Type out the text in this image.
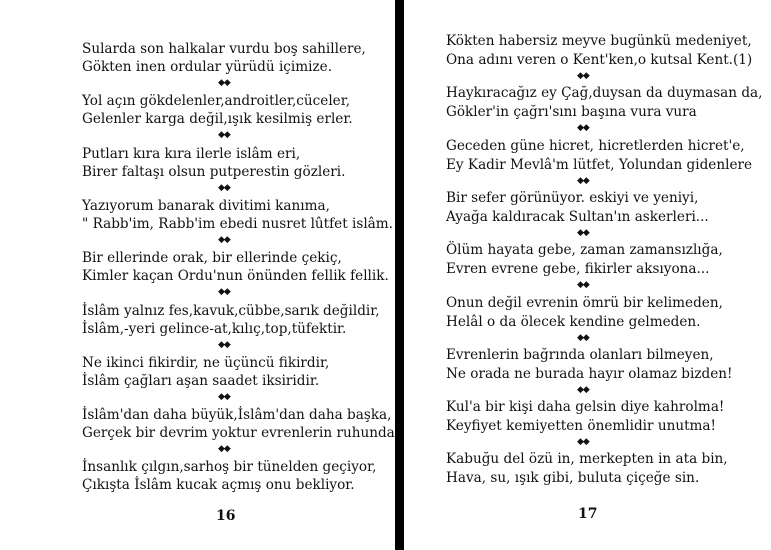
Sularda son halkalar vurdu boş sahillere,
Gökten inen ordular yürüdü içimize.
◆◆
Yol açın gökdelenler,androitler,cüceler,
Gelenler karga değil,ışık kesilmiş erler.
◆◆
Putları kıra kıra ilerle islâm eri,
Birer faltaşı olsun putperestin gözleri.
◆◆
Yazıyorum banarak divitimi kanıma,
" Rabb'im, Rabb'im ebedi nusret lûtfet islâm.
◆◆
Bir ellerinde orak, bir ellerinde çekiç,
Kimler kaçan Ordu'nun önünden fellik fellik.
◆◆
İslâm yalnız fes,kavuk,cübbe,sarık değildir,
İslâm,-yeri gelince-at,kılıç,top,tüfektir.
◆◆
Ne ikinci fikirdir, ne üçüncü fikirdir,
İslâm çağları aşan saadet iksiridir.
◆◆
İslâm'dan daha büyük,İslâm'dan daha başka,
Gerçek bir devrim yoktur evrenlerin ruhunda
◆◆
İnsanlık çılgın,sarhoş bir tünelden geçiyor,
Çıkışta İslâm kucak açmış onu bekliyor.
16
Kökten habersiz meyve bugünkü medeniyet,
Ona adını veren o Kent'ken,o kutsal Kent.(1)
◆◆
Haykıracağız ey Çağ,duysan da duymasan da,
Gökler'in çağrı'sını başına vura vura
◆◆
Geceden güne hicret, hicretlerden hicret'e,
Ey Kadir Mevlâ'm lütfet, Yolundan gidenlere
◆◆
Bir sefer görünüyor. eskiyi ve yeniyi,
Ayağa kaldıracak Sultan'ın askerleri...
◆◆
Ölüm hayata gebe, zaman zamansızlığa,
Evren evrene gebe, fikirler aksıyona...
◆◆
Onun değil evrenin ömrü bir kelimeden,
Helâl o da ölecek kendine gelmeden.
◆◆
Evrenlerin bağrında olanları bilmeyen,
Ne orada ne burada hayır olamaz bizden!
◆◆
Kul'a bir kişi daha gelsin diye kahrolma!
Keyfiyet kemiyetten önemlidir unutma!
◆◆
Kabuğu del özü in, merkepten in ata bin,
Hava, su, ışık gibi, buluta çiçeğe sin.
17
